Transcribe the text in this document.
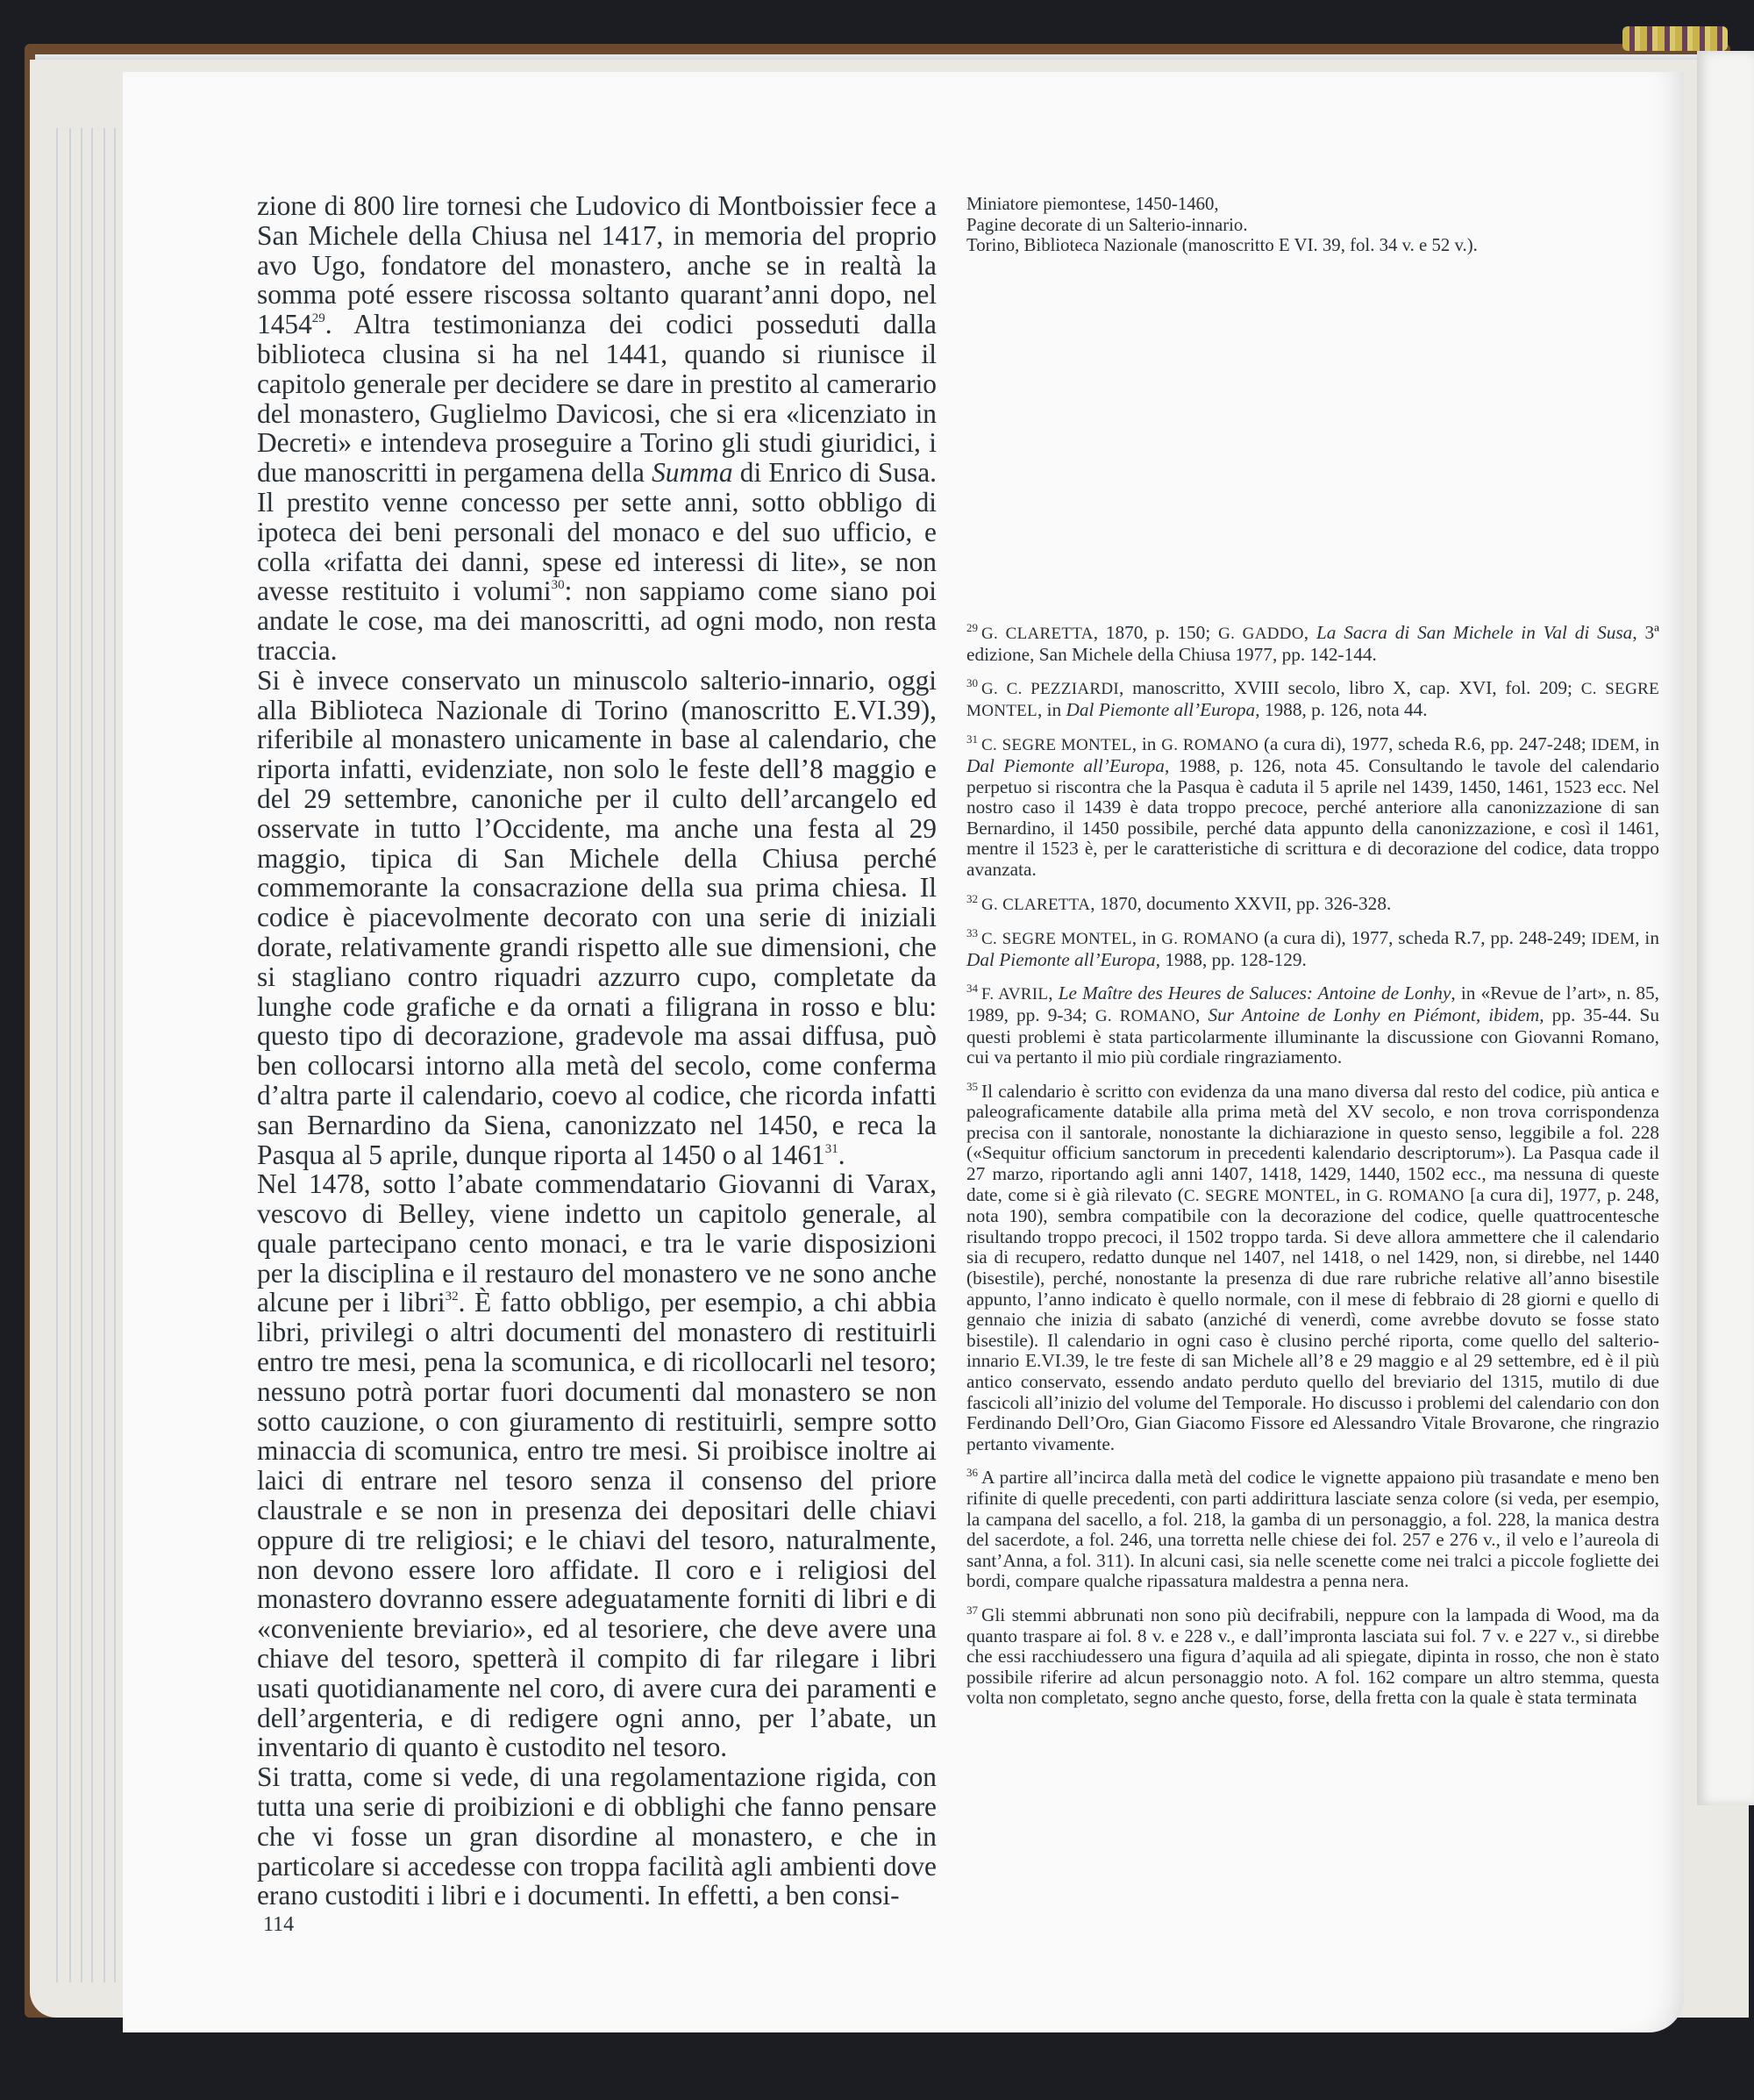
zione di 800 lire tornesi che Ludovico di Montboissier fece a San Michele della Chiusa nel 1417, in memoria del proprio avo Ugo, fondatore del monastero, anche se in realtà la somma poté essere riscossa soltanto quarant’anni dopo, nel 1454$^{29}$. Altra testimonianza dei codici posseduti dalla biblioteca clusina si ha nel 1441, quando si riunisce il capitolo generale per decidere se dare in prestito al camerario del monastero, Guglielmo Davicosi, che si era «licenziato in Decreti» e intendeva proseguire a Torino gli studi giuridici, i due manoscritti in pergamena della Summa di Enrico di Susa. Il prestito venne concesso per sette anni, sotto obbligo di ipoteca dei beni personali del monaco e del suo ufficio, e colla «rifatta dei danni, spese ed interessi di lite», se non avesse restituito i volumi$^{30}$: non sappiamo come siano poi andate le cose, ma dei manoscritti, ad ogni modo, non resta traccia.

Si è invece conservato un minuscolo salterio-innario, oggi alla Biblioteca Nazionale di Torino (manoscritto E.VI.39), riferibile al monastero unicamente in base al calendario, che riporta infatti, evidenziate, non solo le feste dell’8 maggio e del 29 settembre, canoniche per il culto dell’arcangelo ed osservate in tutto l’Occidente, ma anche una festa al 29 maggio, tipica di San Michele della Chiusa perché commemorante la consacrazione della sua prima chiesa. Il codice è piacevolmente decorato con una serie di iniziali dorate, relativamente grandi rispetto alle sue dimensioni, che si stagliano contro riquadri azzurro cupo, completate da lunghe code grafiche e da ornati a filigrana in rosso e blu: questo tipo di decorazione, gradevole ma assai diffusa, può ben collocarsi intorno alla metà del secolo, come conferma d’altra parte il calendario, coevo al codice, che ricorda infatti san Bernardino da Siena, canonizzato nel 1450, e reca la Pasqua al 5 aprile, dunque riporta al 1450 o al 1461$^{31}$.

Nel 1478, sotto l’abate commendatario Giovanni di Varax, vescovo di Belley, viene indetto un capitolo generale, al quale partecipano cento monaci, e tra le varie disposizioni per la disciplina e il restauro del monastero ve ne sono anche alcune per i libri$^{32}$. È fatto obbligo, per esempio, a chi abbia libri, privilegi o altri documenti del monastero di restituirli entro tre mesi, pena la scomunica, e di ricollocarli nel tesoro; nessuno potrà portar fuori documenti dal monastero se non sotto cauzione, o con giuramento di restituirli, sempre sotto minaccia di scomunica, entro tre mesi. Si proibisce inoltre ai laici di entrare nel tesoro senza il consenso del priore claustrale e se non in presenza dei depositari delle chiavi oppure di tre religiosi; e le chiavi del tesoro, naturalmente, non devono essere loro affidate. Il coro e i religiosi del monastero dovranno essere adeguatamente forniti di libri e di «conveniente breviario», ed al tesoriere, che deve avere una chiave del tesoro, spetterà il compito di far rilegare i libri usati quotidianamente nel coro, di avere cura dei paramenti e dell’argenteria, e di redigere ogni anno, per l’abate, un inventario di quanto è custodito nel tesoro.

Si tratta, come si vede, di una regolamentazione rigida, con tutta una serie di proibizioni e di obblighi che fanno pensare che vi fosse un gran disordine al monastero, e che in particolare si accedesse con troppa facilità agli ambienti dove erano custoditi i libri e i documenti. In effetti, a ben consi-

Miniatore piemontese, 1450-1460,
Pagine decorate di un Salterio-innario.
Torino, Biblioteca Nazionale (manoscritto E VI. 39, fol. 34 v. e 52 v.).

$^{29}$ G. CLARETTA, 1870, p. 150; G. GADDO, La Sacra di San Michele in Val di Susa, 3ª edizione, San Michele della Chiusa 1977, pp. 142-144.

$^{30}$ G. C. PEZZIARDI, manoscritto, XVIII secolo, libro X, cap. XVI, fol. 209; C. SEGRE MONTEL, in Dal Piemonte all’Europa, 1988, p. 126, nota 44.

$^{31}$ C. SEGRE MONTEL, in G. ROMANO (a cura di), 1977, scheda R.6, pp. 247-248; IDEM, in Dal Piemonte all’Europa, 1988, p. 126, nota 45. Consultando le tavole del calendario perpetuo si riscontra che la Pasqua è caduta il 5 aprile nel 1439, 1450, 1461, 1523 ecc. Nel nostro caso il 1439 è data troppo precoce, perché anteriore alla canonizzazione di san Bernardino, il 1450 possibile, perché data appunto della canonizzazione, e così il 1461, mentre il 1523 è, per le caratteristiche di scrittura e di decorazione del codice, data troppo avanzata.

$^{32}$ G. CLARETTA, 1870, documento XXVII, pp. 326-328.

$^{33}$ C. SEGRE MONTEL, in G. ROMANO (a cura di), 1977, scheda R.7, pp. 248-249; IDEM, in Dal Piemonte all’Europa, 1988, pp. 128-129.

$^{34}$ F. AVRIL, Le Maître des Heures de Saluces: Antoine de Lonhy, in «Revue de l’art», n. 85, 1989, pp. 9-34; G. ROMANO, Sur Antoine de Lonhy en Piémont, ibidem, pp. 35-44. Su questi problemi è stata particolarmente illuminante la discussione con Giovanni Romano, cui va pertanto il mio più cordiale ringraziamento.

$^{35}$ Il calendario è scritto con evidenza da una mano diversa dal resto del codice, più antica e paleograficamente databile alla prima metà del XV secolo, e non trova corrispondenza precisa con il santorale, nonostante la dichiarazione in questo senso, leggibile a fol. 228 («Sequitur officium sanctorum in precedenti kalendario descriptorum»). La Pasqua cade il 27 marzo, riportando agli anni 1407, 1418, 1429, 1440, 1502 ecc., ma nessuna di queste date, come si è già rilevato (C. SEGRE MONTEL, in G. ROMANO [a cura di], 1977, p. 248, nota 190), sembra compatibile con la decorazione del codice, quelle quattrocentesche risultando troppo precoci, il 1502 troppo tarda. Si deve allora ammettere che il calendario sia di recupero, redatto dunque nel 1407, nel 1418, o nel 1429, non, si direbbe, nel 1440 (bisestile), perché, nonostante la presenza di due rare rubriche relative all’anno bisestile appunto, l’anno indicato è quello normale, con il mese di febbraio di 28 giorni e quello di gennaio che inizia di sabato (anziché di venerdì, come avrebbe dovuto se fosse stato bisestile). Il calendario in ogni caso è clusino perché riporta, come quello del salterio-innario E.VI.39, le tre feste di san Michele all’8 e 29 maggio e al 29 settembre, ed è il più antico conservato, essendo andato perduto quello del breviario del 1315, mutilo di due fascicoli all’inizio del volume del Temporale. Ho discusso i problemi del calendario con don Ferdinando Dell’Oro, Gian Giacomo Fissore ed Alessandro Vitale Brovarone, che ringrazio pertanto vivamente.

$^{36}$ A partire all’incirca dalla metà del codice le vignette appaiono più trasandate e meno ben rifinite di quelle precedenti, con parti addirittura lasciate senza colore (si veda, per esempio, la campana del sacello, a fol. 218, la gamba di un personaggio, a fol. 228, la manica destra del sacerdote, a fol. 246, una torretta nelle chiese dei fol. 257 e 276 v., il velo e l’aureola di sant’Anna, a fol. 311). In alcuni casi, sia nelle scenette come nei tralci a piccole fogliette dei bordi, compare qualche ripassatura maldestra a penna nera.

$^{37}$ Gli stemmi abbrunati non sono più decifrabili, neppure con la lampada di Wood, ma da quanto traspare ai fol. 8 v. e 228 v., e dall’impronta lasciata sui fol. 7 v. e 227 v., si direbbe che essi racchiudessero una figura d’aquila ad ali spiegate, dipinta in rosso, che non è stato possibile riferire ad alcun personaggio noto. A fol. 162 compare un altro stemma, questa volta non completato, segno anche questo, forse, della fretta con la quale è stata terminata

114
